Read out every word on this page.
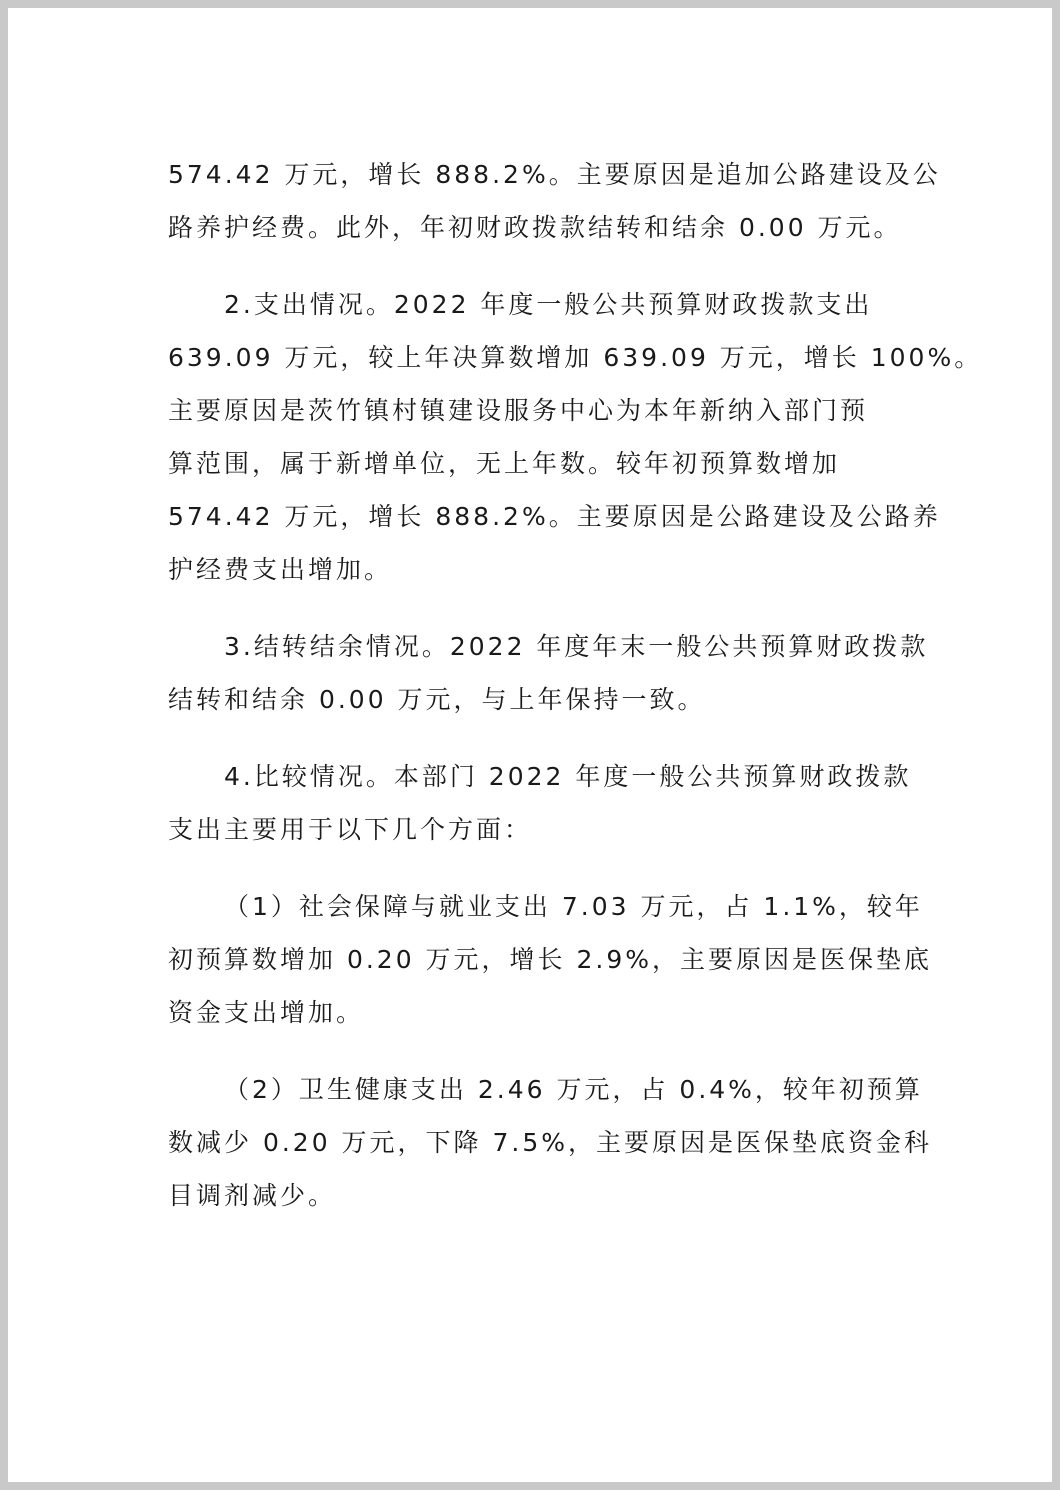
574.42 万元，增长 888.2%。主要原因是追加公路建设及公
路养护经费。此外，年初财政拨款结转和结余 0.00 万元。

2.支出情况。2022 年度一般公共预算财政拨款支出
639.09 万元，较上年决算数增加 639.09 万元，增长 100%。
主要原因是茨竹镇村镇建设服务中心为本年新纳入部门预
算范围，属于新增单位，无上年数。较年初预算数增加
574.42 万元，增长 888.2%。主要原因是公路建设及公路养
护经费支出增加。

3.结转结余情况。2022 年度年末一般公共预算财政拨款
结转和结余 0.00 万元，与上年保持一致。

4.比较情况。本部门 2022 年度一般公共预算财政拨款
支出主要用于以下几个方面：

（1）社会保障与就业支出 7.03 万元，占 1.1%，较年
初预算数增加 0.20 万元，增长 2.9%，主要原因是医保垫底
资金支出增加。

（2）卫生健康支出 2.46 万元，占 0.4%，较年初预算
数减少 0.20 万元，下降 7.5%，主要原因是医保垫底资金科
目调剂减少。
